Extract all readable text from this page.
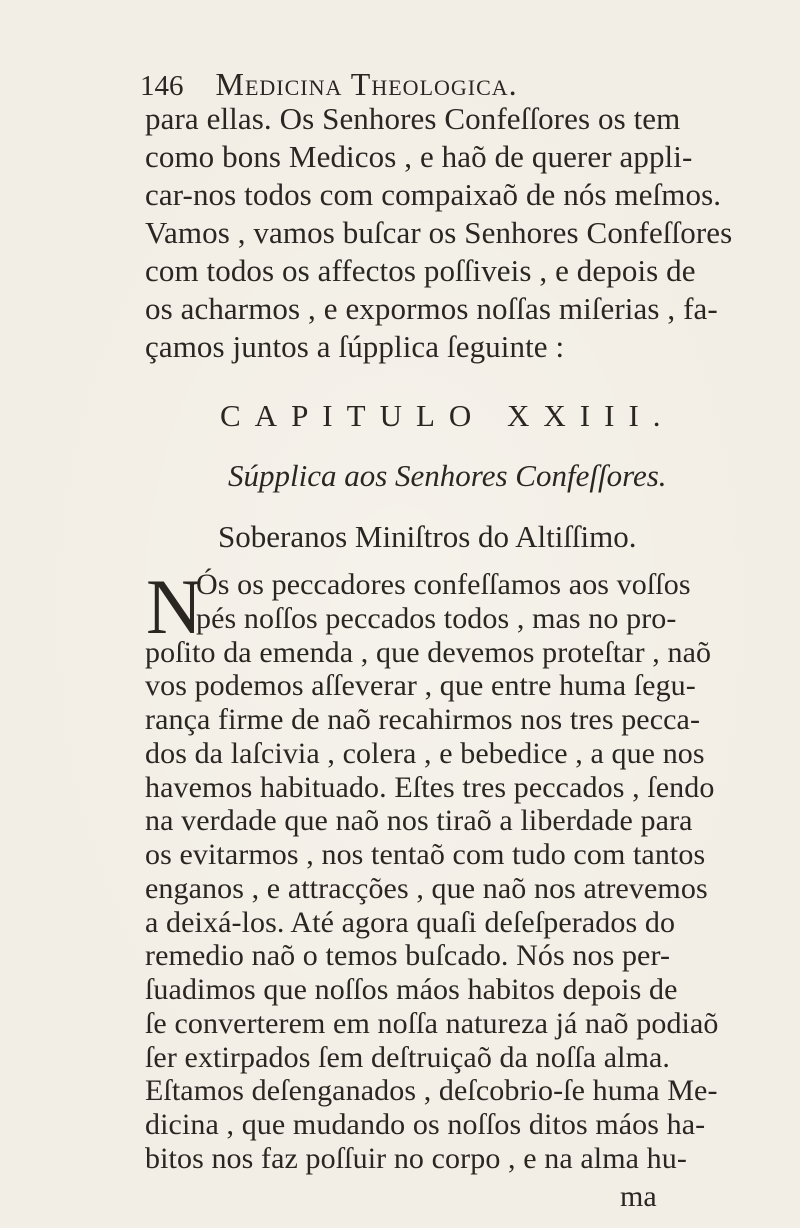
146 Medicina Theologica.
para ellas. Os Senhores Confeſſores os tem
como bons Medicos , e haõ de querer appli-
car-nos todos com compaixaõ de nós meſmos.
Vamos , vamos buſcar os Senhores Confeſſores
com todos os affectos poſſiveis , e depois de
os acharmos , e expormos noſſas miſerias , fa-
çamos juntos a ſúpplica ſeguinte :
CAPITULO XXIII.
Súpplica aos Senhores Confeſſores.
Soberanos Miniſtros do Altiſſimo.
N
Ós os peccadores confeſſamos aos voſſos
pés noſſos peccados todos , mas no pro-
poſito da emenda , que devemos proteſtar , naõ
vos podemos aſſeverar , que entre huma ſegu-
rança firme de naõ recahirmos nos tres pecca-
dos da laſcivia , colera , e bebedice , a que nos
havemos habituado. Eſtes tres peccados , ſendo
na verdade que naõ nos tiraõ a liberdade para
os evitarmos , nos tentaõ com tudo com tantos
enganos , e attracções , que naõ nos atrevemos
a deixá-los. Até agora quaſi deſeſperados do
remedio naõ o temos buſcado. Nós nos per-
ſuadimos que noſſos máos habitos depois de
ſe converterem em noſſa natureza já naõ podiaõ
ſer extirpados ſem deſtruiçaõ da noſſa alma.
Eſtamos deſenganados , deſcobrio-ſe huma Me-
dicina , que mudando os noſſos ditos máos ha-
bitos nos faz poſſuir no corpo , e na alma hu-
ma
